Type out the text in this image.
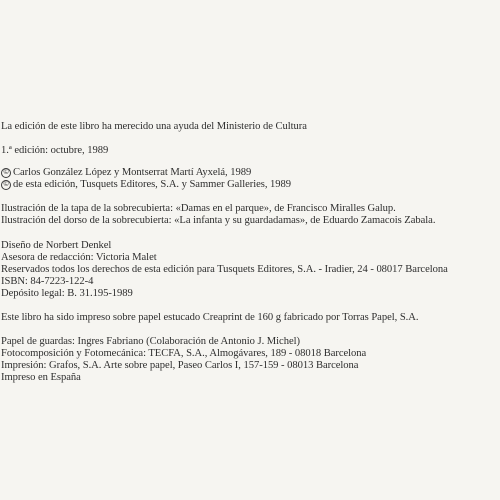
La edición de este libro ha merecido una ayuda del Ministerio de Cultura
1.ª edición: octubre, 1989
© Carlos González López y Montserrat Martí Ayxelá, 1989
© de esta edición, Tusquets Editores, S.A. y Sammer Galleries, 1989
Ilustración de la tapa de la sobrecubierta: «Damas en el parque», de Francisco Miralles Galup.
Ilustración del dorso de la sobrecubierta: «La infanta y su guardadamas», de Eduardo Zamacois Zabala.
Diseño de Norbert Denkel
Asesora de redacción: Victoria Malet
Reservados todos los derechos de esta edición para Tusquets Editores, S.A. - Iradier, 24 - 08017 Barcelona
ISBN: 84-7223-122-4
Depósito legal: B. 31.195-1989
Este libro ha sido impreso sobre papel estucado Creaprint de 160 g fabricado por Torras Papel, S.A.
Papel de guardas: Ingres Fabriano (Colaboración de Antonio J. Michel)
Fotocomposición y Fotomecánica: TECFA, S.A., Almogávares, 189 - 08018 Barcelona
Impresión: Grafos, S.A. Arte sobre papel, Paseo Carlos I, 157-159 - 08013 Barcelona
Impreso en España
